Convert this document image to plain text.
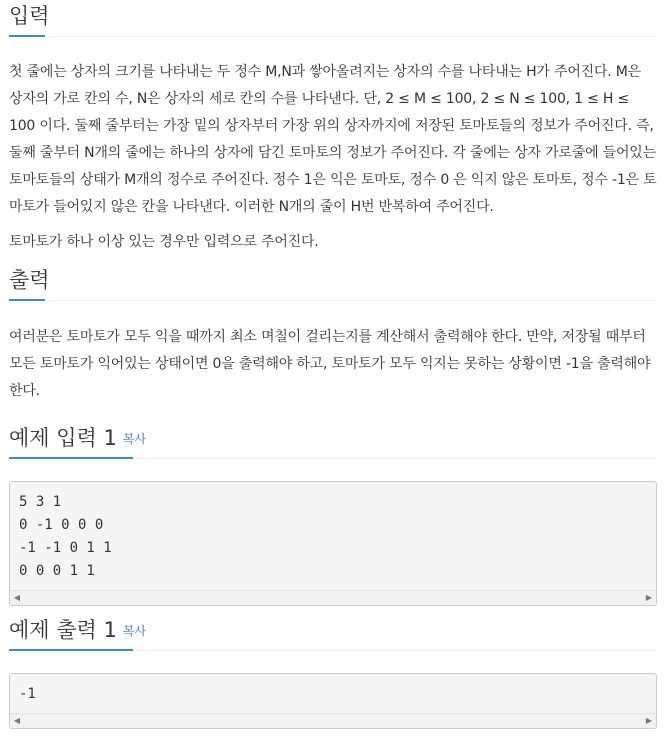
입력

첫 줄에는 상자의 크기를 나타내는 두 정수 M,N과 쌓아올려지는 상자의 수를 나타내는 H가 주어진다. M은 상자의 가로 칸의 수, N은 상자의 세로 칸의 수를 나타낸다. 단, 2 ≤ M ≤ 100, 2 ≤ N ≤ 100, 1 ≤ H ≤ 100 이다. 둘째 줄부터는 가장 밑의 상자부터 가장 위의 상자까지에 저장된 토마토들의 정보가 주어진다. 즉, 둘째 줄부터 N개의 줄에는 하나의 상자에 담긴 토마토의 정보가 주어진다. 각 줄에는 상자 가로줄에 들어있는 토마토들의 상태가 M개의 정수로 주어진다. 정수 1은 익은 토마토, 정수 0 은 익지 않은 토마토, 정수 -1은 토마토가 들어있지 않은 칸을 나타낸다. 이러한 N개의 줄이 H번 반복하여 주어진다.

토마토가 하나 이상 있는 경우만 입력으로 주어진다.

출력

여러분은 토마토가 모두 익을 때까지 최소 며칠이 걸리는지를 계산해서 출력해야 한다. 만약, 저장될 때부터 모든 토마토가 익어있는 상태이면 0을 출력해야 하고, 토마토가 모두 익지는 못하는 상황이면 -1을 출력해야 한다.

예제 입력 1 복사
5 3 1
0 -1 0 0 0
-1 -1 0 1 1
0 0 0 1 1
◀	▶
예제 출력 1 복사
-1
◀	▶
